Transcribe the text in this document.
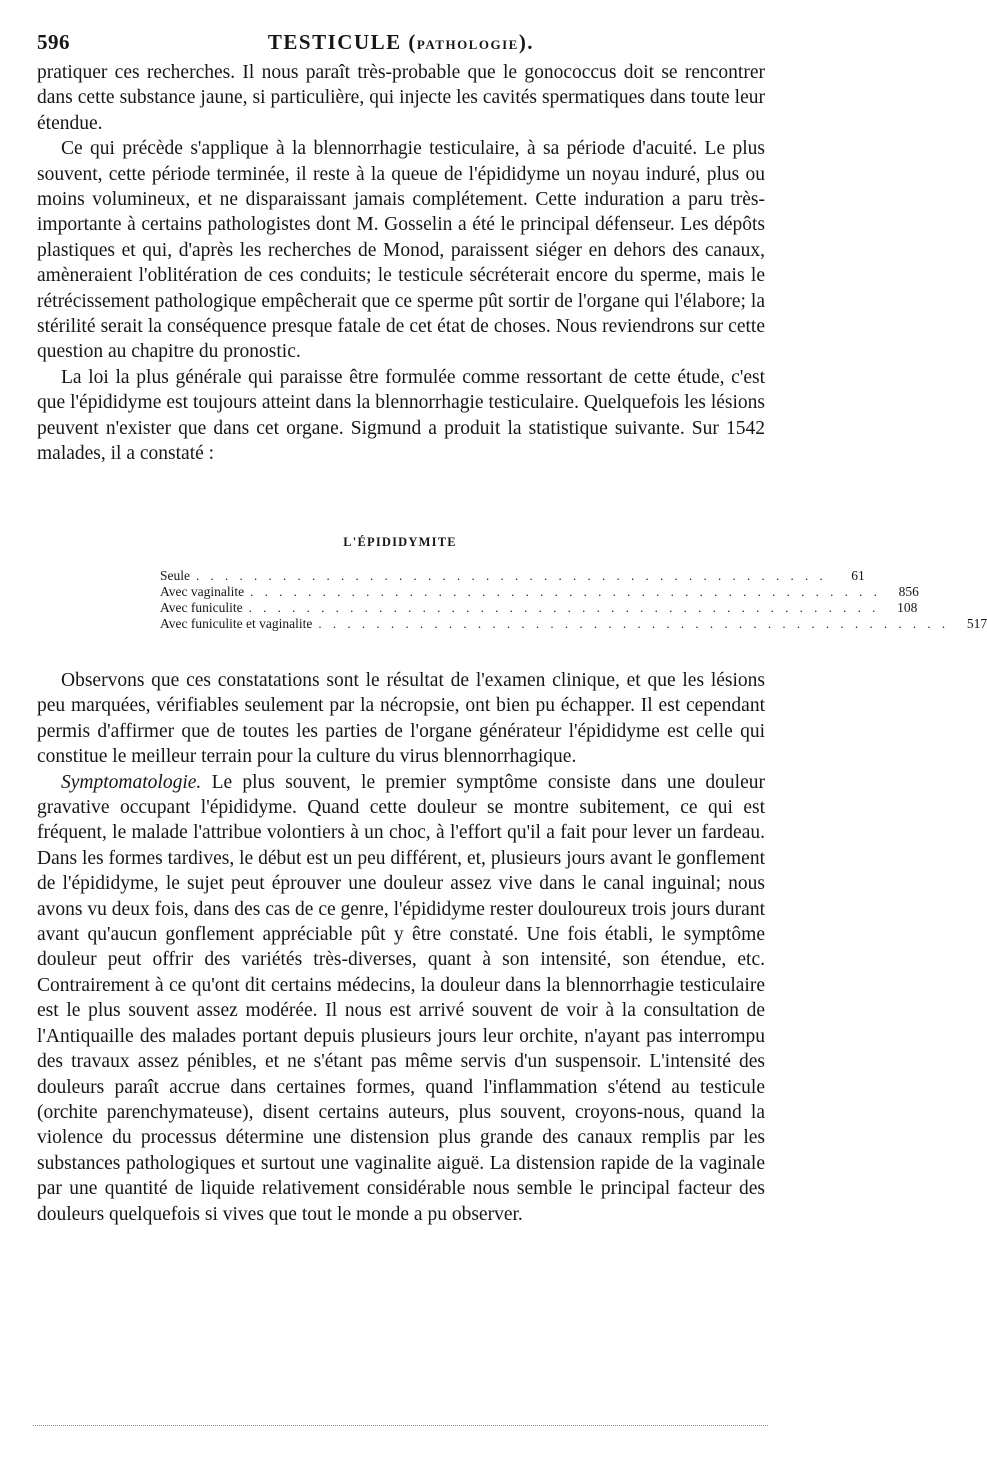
596	TESTICULE (PATHOLOGIE).

pratiquer ces recherches. Il nous paraît très-probable que le gonococcus doit se rencontrer dans cette substance jaune, si particulière, qui injecte les cavités spermatiques dans toute leur étendue.

Ce qui précède s'applique à la blennorrhagie testiculaire, à sa période d'acuité. Le plus souvent, cette période terminée, il reste à la queue de l'épididyme un noyau induré, plus ou moins volumineux, et ne disparaissant jamais complétement. Cette induration a paru très-importante à certains pathologistes dont M. Gosselin a été le principal défenseur. Les dépôts plastiques et qui, d'après les recherches de Monod, paraissent siéger en dehors des canaux, amèneraient l'oblitération de ces conduits; le testicule sécréterait encore du sperme, mais le rétrécissement pathologique empêcherait que ce sperme pût sortir de l'organe qui l'élabore; la stérilité serait la conséquence presque fatale de cet état de choses. Nous reviendrons sur cette question au chapitre du pronostic.

La loi la plus générale qui paraisse être formulée comme ressortant de cette étude, c'est que l'épididyme est toujours atteint dans la blennorrhagie testiculaire. Quelquefois les lésions peuvent n'exister que dans cet organe. Sigmund a produit la statistique suivante. Sur 1542 malades, il a constaté :

L'ÉPIDIDYMITE
Seule . . . . . . . . . . . . . . . . . . . . . . . . . . . . . . . . . . . . . . . . . . . .	61
Avec vaginalite . . . . . . . . . . . . . . . . . . . . . . . . . . . . . . . . . . . . . . . . . . . .	856
Avec funiculite . . . . . . . . . . . . . . . . . . . . . . . . . . . . . . . . . . . . . . . . . . . .	108
Avec funiculite et vaginalite . . . . . . . . . . . . . . . . . . . . . . . . . . . . . . . . . . . . . . . . . . . .	517

Observons que ces constatations sont le résultat de l'examen clinique, et que les lésions peu marquées, vérifiables seulement par la nécropsie, ont bien pu échapper. Il est cependant permis d'affirmer que de toutes les parties de l'organe générateur l'épididyme est celle qui constitue le meilleur terrain pour la culture du virus blennorrhagique.

Symptomatologie. Le plus souvent, le premier symptôme consiste dans une douleur gravative occupant l'épididyme. Quand cette douleur se montre subitement, ce qui est fréquent, le malade l'attribue volontiers à un choc, à l'effort qu'il a fait pour lever un fardeau. Dans les formes tardives, le début est un peu différent, et, plusieurs jours avant le gonflement de l'épididyme, le sujet peut éprouver une douleur assez vive dans le canal inguinal; nous avons vu deux fois, dans des cas de ce genre, l'épididyme rester douloureux trois jours durant avant qu'aucun gonflement appréciable pût y être constaté. Une fois établi, le symptôme douleur peut offrir des variétés très-diverses, quant à son intensité, son étendue, etc. Contrairement à ce qu'ont dit certains médecins, la douleur dans la blennorrhagie testiculaire est le plus souvent assez modérée. Il nous est arrivé souvent de voir à la consultation de l'Antiquaille des malades portant depuis plusieurs jours leur orchite, n'ayant pas interrompu des travaux assez pénibles, et ne s'étant pas même servis d'un suspensoir. L'intensité des douleurs paraît accrue dans certaines formes, quand l'inflammation s'étend au testicule (orchite parenchymateuse), disent certains auteurs, plus souvent, croyons-nous, quand la violence du processus détermine une distension plus grande des canaux remplis par les substances pathologiques et surtout une vaginalite aiguë. La distension rapide de la vaginale par une quantité de liquide relativement considérable nous semble le principal facteur des douleurs quelquefois si vives que tout le monde a pu observer.
